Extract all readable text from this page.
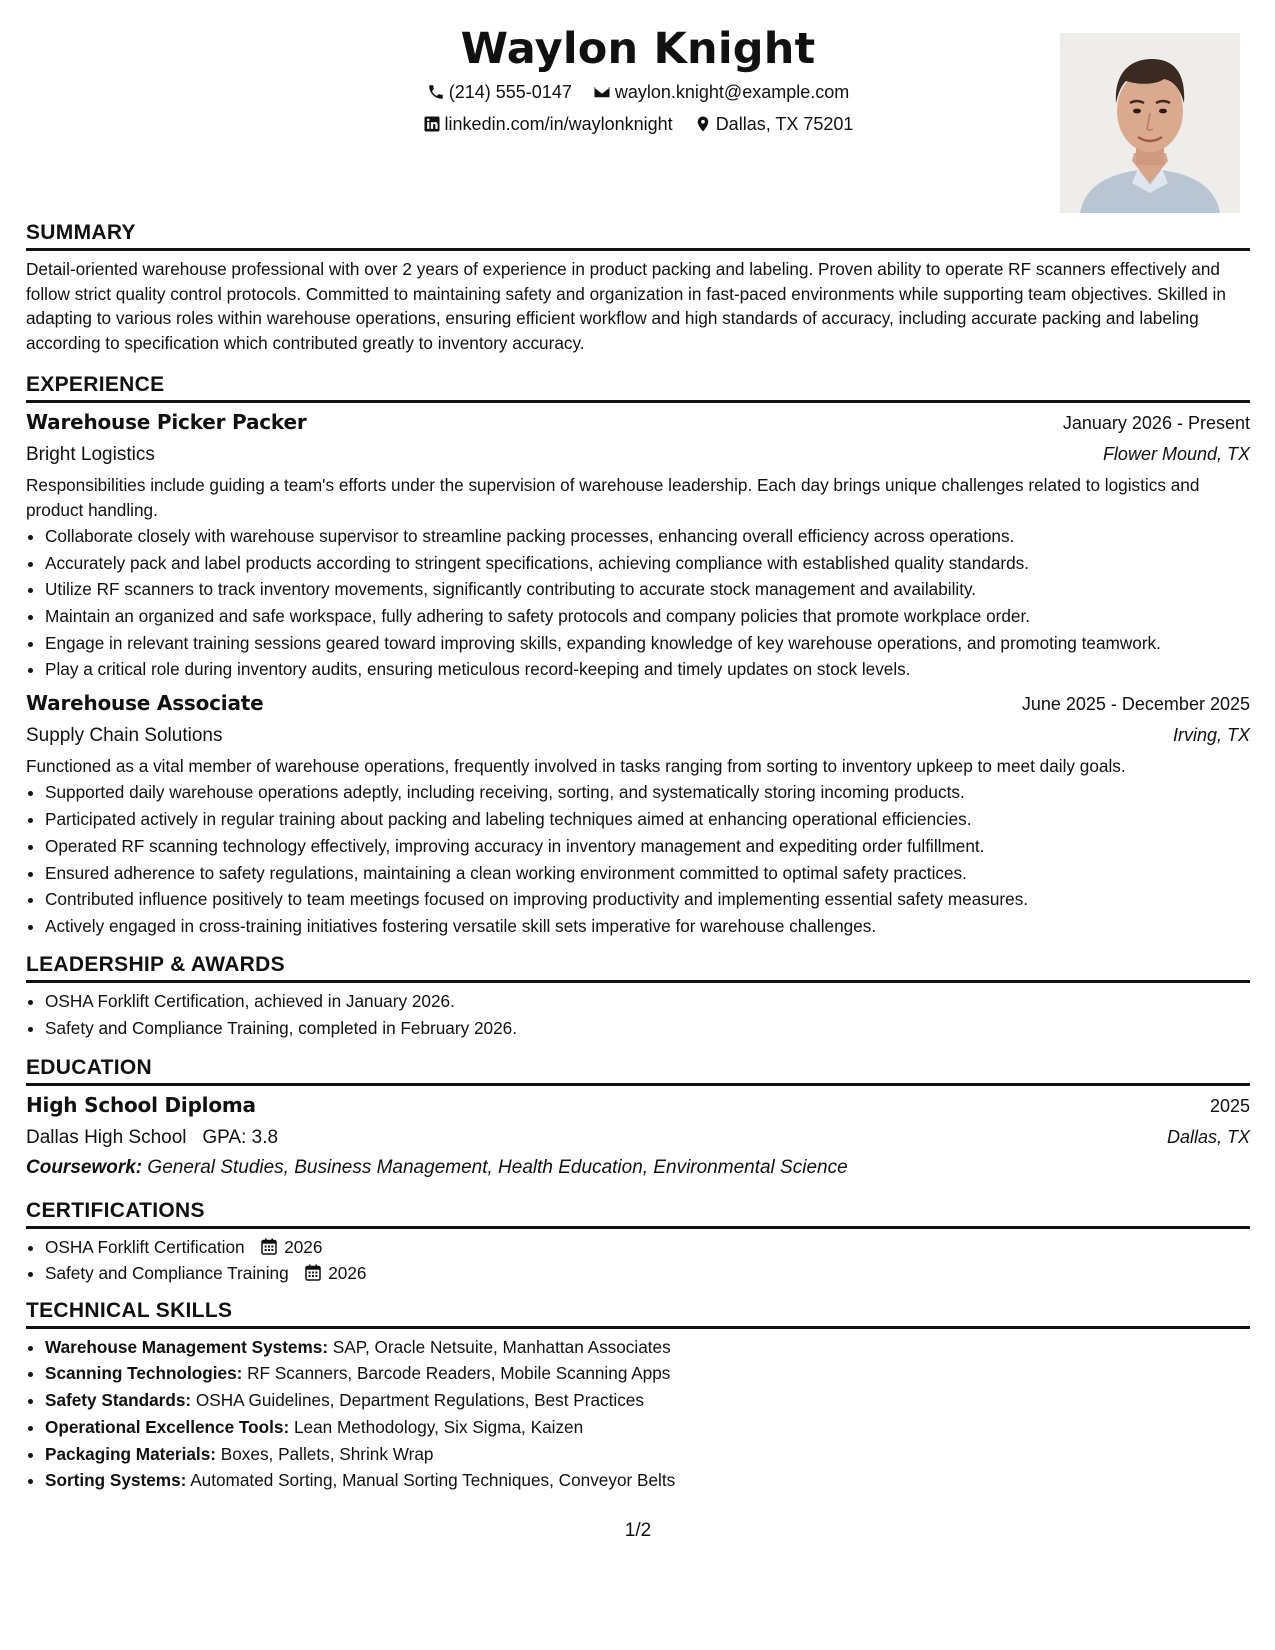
Waylon Knight
(214) 555-0147
waylon.knight@example.com
linkedin.com/in/waylonknight
Dallas, TX 75201
SUMMARY

Detail-oriented warehouse professional with over 2 years of experience in product packing and labeling. Proven ability to operate RF scanners effectively and follow strict quality control protocols. Committed to maintaining safety and organization in fast-paced environments while supporting team objectives. Skilled in adapting to various roles within warehouse operations, ensuring efficient workflow and high standards of accuracy, including accurate packing and labeling according to specification which contributed greatly to inventory accuracy.

EXPERIENCE
Warehouse Picker Packer	January 2026 - Present
Bright Logistics	Flower Mound, TX

Responsibilities include guiding a team's efforts under the supervision of warehouse leadership. Each day brings unique challenges related to logistics and product handling.

• Collaborate closely with warehouse supervisor to streamline packing processes, enhancing overall efficiency across operations.
• Accurately pack and label products according to stringent specifications, achieving compliance with established quality standards.
• Utilize RF scanners to track inventory movements, significantly contributing to accurate stock management and availability.
• Maintain an organized and safe workspace, fully adhering to safety protocols and company policies that promote workplace order.
• Engage in relevant training sessions geared toward improving skills, expanding knowledge of key warehouse operations, and promoting teamwork.
• Play a critical role during inventory audits, ensuring meticulous record-keeping and timely updates on stock levels.
Warehouse Associate	June 2025 - December 2025
Supply Chain Solutions	Irving, TX

Functioned as a vital member of warehouse operations, frequently involved in tasks ranging from sorting to inventory upkeep to meet daily goals.

• Supported daily warehouse operations adeptly, including receiving, sorting, and systematically storing incoming products.
• Participated actively in regular training about packing and labeling techniques aimed at enhancing operational efficiencies.
• Operated RF scanning technology effectively, improving accuracy in inventory management and expediting order fulfillment.
• Ensured adherence to safety regulations, maintaining a clean working environment committed to optimal safety practices.
• Contributed influence positively to team meetings focused on improving productivity and implementing essential safety measures.
• Actively engaged in cross-training initiatives fostering versatile skill sets imperative for warehouse challenges.
LEADERSHIP & AWARDS
• OSHA Forklift Certification, achieved in January 2026.
• Safety and Compliance Training, completed in February 2026.
EDUCATION
High School Diploma	2025
Dallas High School GPA: 3.8	Dallas, TX
Coursework: General Studies, Business Management, Health Education, Environmental Science
CERTIFICATIONS
• OSHA Forklift Certification 2026
• Safety and Compliance Training 2026
TECHNICAL SKILLS
• Warehouse Management Systems: SAP, Oracle Netsuite, Manhattan Associates
• Scanning Technologies: RF Scanners, Barcode Readers, Mobile Scanning Apps
• Safety Standards: OSHA Guidelines, Department Regulations, Best Practices
• Operational Excellence Tools: Lean Methodology, Six Sigma, Kaizen
• Packaging Materials: Boxes, Pallets, Shrink Wrap
• Sorting Systems: Automated Sorting, Manual Sorting Techniques, Conveyor Belts
1/2
